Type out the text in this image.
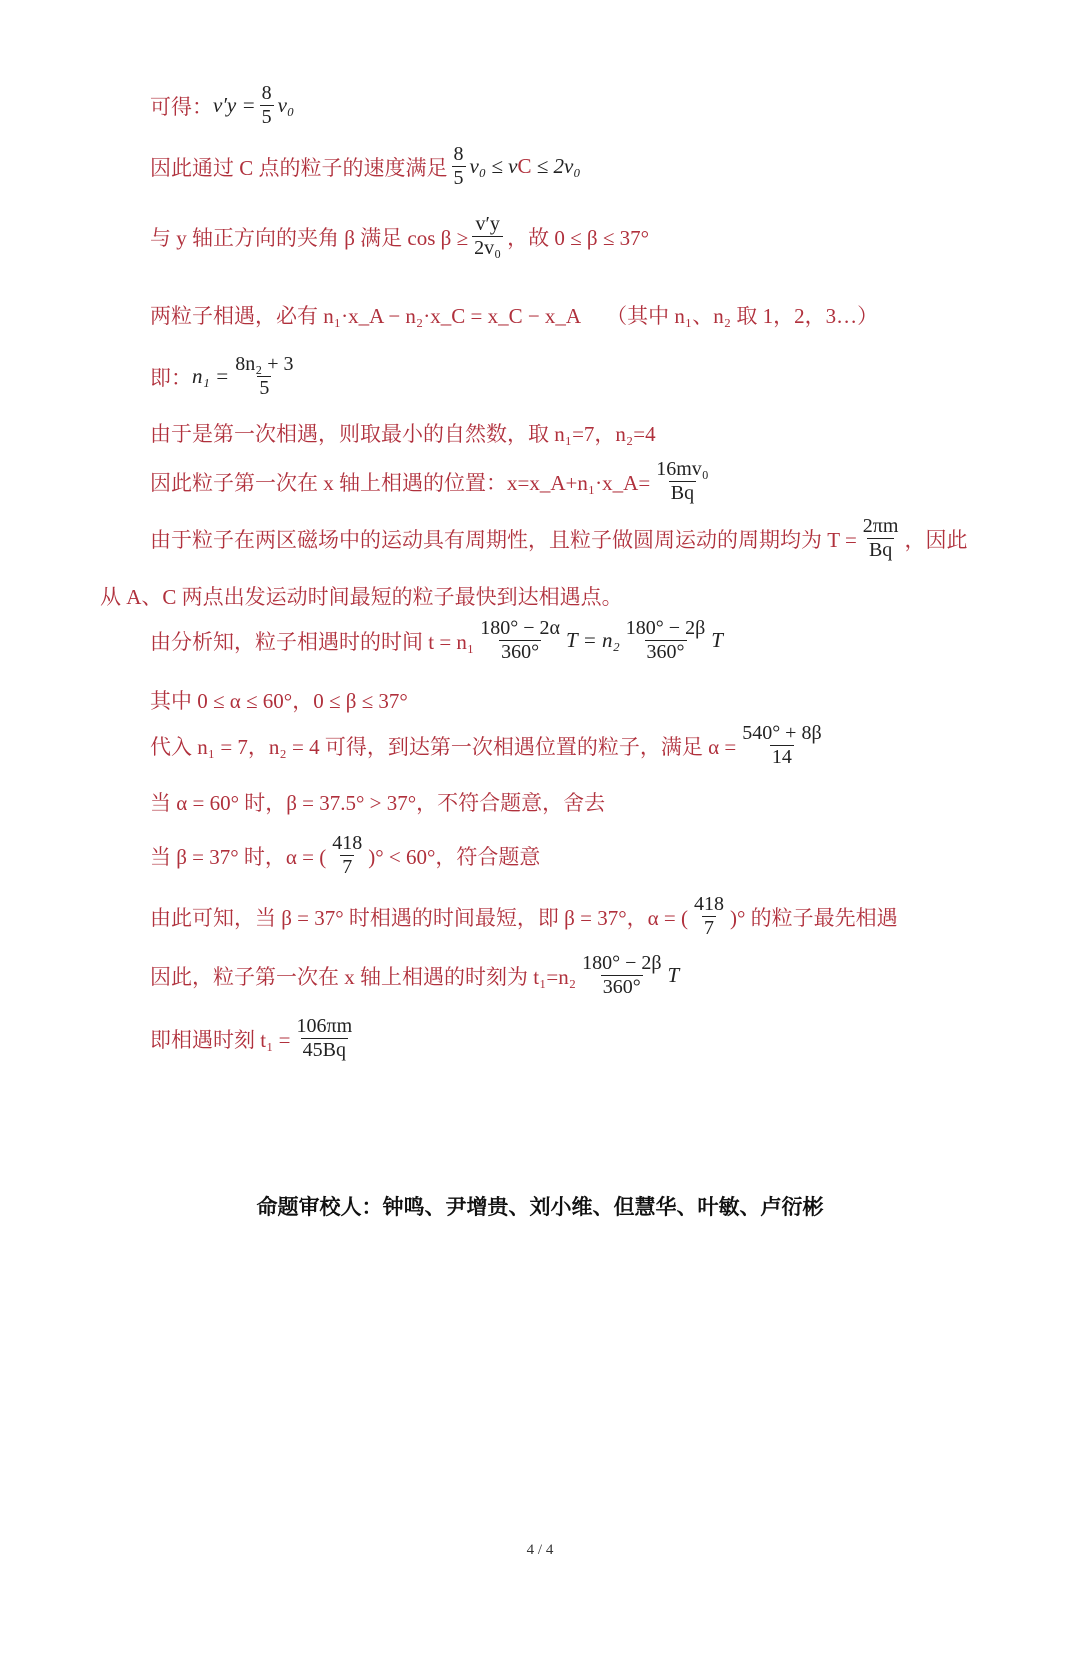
可得： $v'y = \frac{8}{5} v_0$
因此通过 C 点的粒子的速度满足 $\frac{8}{5} v_0 \le v$ C ≤ 2v₀
与 y 轴正方向的夹角 β 满足 $\cos \beta \ge \frac{v'y}{\text{2v₀}}$ ，故 0 ≤ β ≤ 37°
两粒子相遇，必有 n₁·x_A − n₂·x_C = x_C − x_A     （其中 n₁、n₂ 取 1，2，3…）
即： $n_1 = \frac{\text{8n₂ + 3}}{5}$
由于是第一次相遇，则取最小的自然数，取 n₁=7，n₂=4
因此粒子第一次在 x 轴上相遇的位置：x=x_A+n₁·x_A= $\frac{\text{16mv₀}}{Bq}$
由于粒子在两区磁场中的运动具有周期性，且粒子做圆周运动的周期均为 $T = \frac{2\pi m}{Bq}$ ，因此
从 A、C 两点出发运动时间最短的粒子最快到达相遇点。
由分析知，粒子相遇时的时间 $t = n_1 \frac{180^\circ - 2\alpha}{360^\circ}$ $T = n_2 \frac{180^\circ - 2\beta}{360^\circ}$ T
其中 0 ≤ α ≤ 60°，0 ≤ β ≤ 37°
代入 n₁ = 7，n₂ = 4 可得，到达第一次相遇位置的粒子，满足 $\alpha = \frac{540^\circ + 8\beta}{14}$
当 α = 60° 时，β = 37.5° > 37°，不符合题意，舍去
当 β = 37° 时，α = ( $\frac{418}{7}$ )° < 60°，符合题意
由此可知，当 β = 37° 时相遇的时间最短，即 β = 37°，α = ( $\frac{418}{7}$ )° 的粒子最先相遇
因此，粒子第一次在 x 轴上相遇的时刻为 $t_1=n_2 \frac{180^\circ - 2\beta}{360^\circ}$ T
即相遇时刻 $t_1 = \frac{106\pi m}{45Bq}$
命题审校人：钟鸣、尹增贵、刘小维、但慧华、叶敏、卢衍彬
4 / 4
